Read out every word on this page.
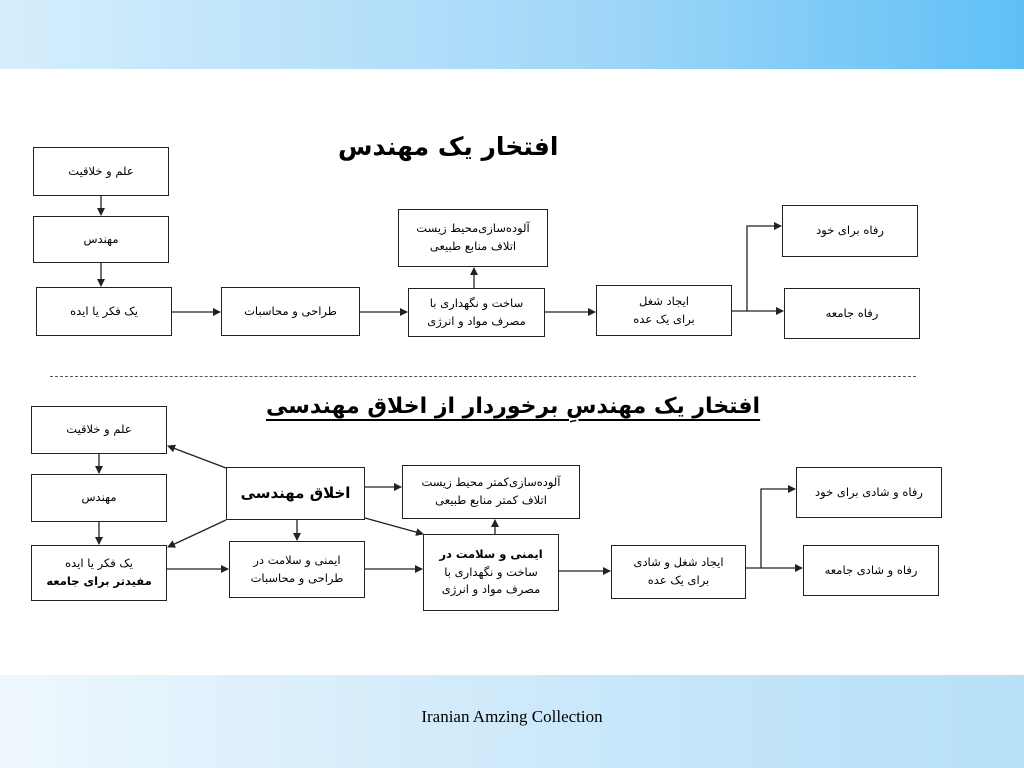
افتخار یک مهندس
علم و خلاقیت
مهندس
یک فکر یا ایده	طراحی و محاسبات
ساخت و نگهداری با
مصرف مواد و انرژی
آلوده‌سازی‌محیط زیست
اتلاف منابع طبیعی
ایجاد شغل
برای یک عده
رفاه برای خود
رفاه جامعه
افتخار یک مهندسِ برخوردار از اخلاق مهندسی
علم و خلاقیت
مهندس	اخلاق مهندسی
یک فکر یا ایده
مفیدتر برای جامعه
ایمنی و سلامت در
طراحی و محاسبات
آلوده‌سازی‌کمتر محیط زیست
اتلاف کمتر منابع طبیعی
ایمنی و سلامت در
ساخت و نگهداری با
مصرف مواد و انرژی
ایجاد شغل و شادی
برای یک عده
رفاه و شادی برای خود
رفاه و شادی جامعه
Iranian Amzing Collection
